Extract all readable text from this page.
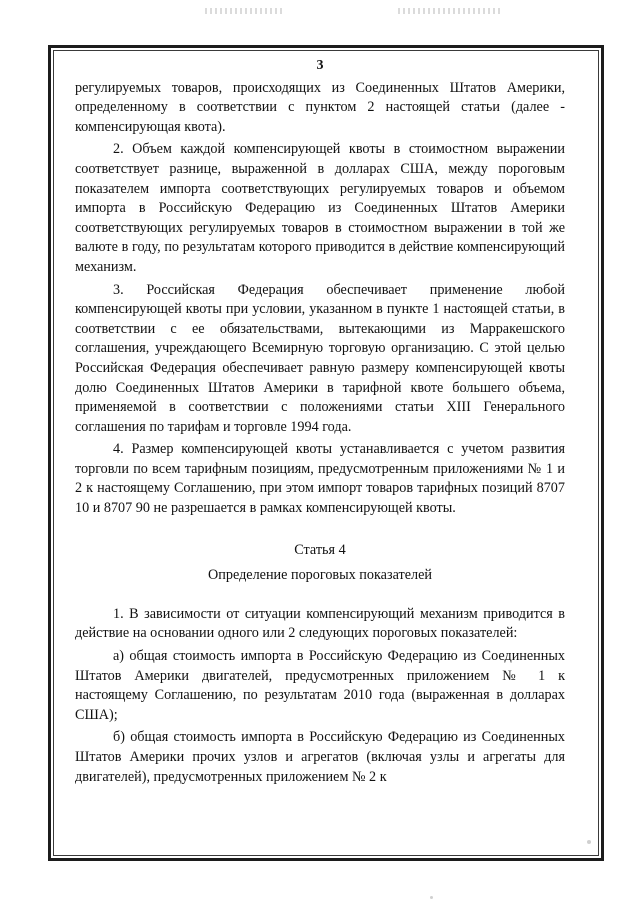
3

регулируемых товаров, происходящих из Соединенных Штатов Америки, определенному в соответствии с пунктом 2 настоящей статьи (далее - компенсирующая квота).

2. Объем каждой компенсирующей квоты в стоимостном выражении соответствует разнице, выраженной в долларах США, между пороговым показателем импорта соответствующих регулируемых товаров и объемом импорта в Российскую Федерацию из Соединенных Штатов Америки соответствующих регулируемых товаров в стоимостном выражении в той же валюте в году, по результатам которого приводится в действие компенсирующий механизм.

3. Российская Федерация обеспечивает применение любой компенсирующей квоты при условии, указанном в пункте 1 настоящей статьи, в соответствии с ее обязательствами, вытекающими из Марракешского соглашения, учреждающего Всемирную торговую организацию. С этой целью Российская Федерация обеспечивает равную размеру компенсирующей квоты долю Соединенных Штатов Америки в тарифной квоте большего объема, применяемой в соответствии с положениями статьи XIII Генерального соглашения по тарифам и торговле 1994 года.

4. Размер компенсирующей квоты устанавливается с учетом развития торговли по всем тарифным позициям, предусмотренным приложениями № 1 и 2 к настоящему Соглашению, при этом импорт товаров тарифных позиций 8707 10 и 8707 90 не разрешается в рамках компенсирующей квоты.

Статья 4

Определение пороговых показателей

1. В зависимости от ситуации компенсирующий механизм приводится в действие на основании одного или 2 следующих пороговых показателей:

а) общая стоимость импорта в Российскую Федерацию из Соединенных Штатов Америки двигателей, предусмотренных приложением № 1 к настоящему Соглашению, по результатам 2010 года (выраженная в долларах США);

б) общая стоимость импорта в Российскую Федерацию из Соединенных Штатов Америки прочих узлов и агрегатов (включая узлы и агрегаты для двигателей), предусмотренных приложением № 2 к
